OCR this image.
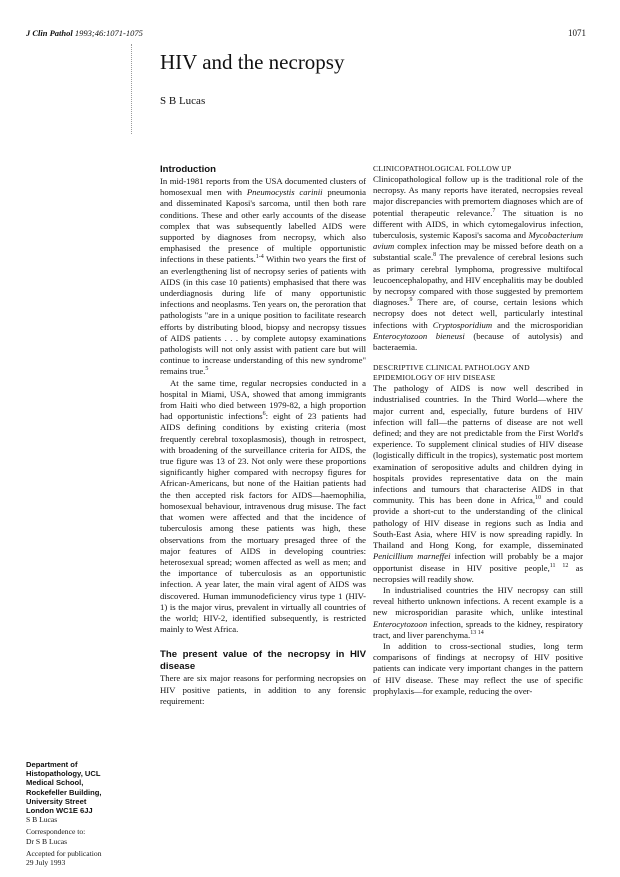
J Clin Pathol 1993;46:1071-1075	1071
HIV and the necropsy
S B Lucas
Introduction

In mid-1981 reports from the USA documented clusters of homosexual men with Pneumocystis carinii pneumonia and disseminated Kaposi's sarcoma, until then both rare conditions. These and other early accounts of the disease complex that was subsequently labelled AIDS were supported by diagnoses from necropsy, which also emphasised the presence of multiple opportunistic infections in these patients.$^{1-4}$ Within two years the first of an everlengthening list of necropsy series of patients with AIDS (in this case 10 patients) emphasised that there was underdiagnosis during life of many opportunistic infections and neoplasms. Ten years on, the peroration that pathologists "are in a unique position to facilitate research efforts by distributing blood, biopsy and necropsy tissues of AIDS patients . . . by complete autopsy examinations pathologists will not only assist with patient care but will continue to increase understanding of this new syndrome" remains true.$^5$

At the same time, regular necropsies conducted in a hospital in Miami, USA, showed that among immigrants from Haiti who died between 1979-82, a high proportion had opportunistic infections$^6$: eight of 23 patients had AIDS defining conditions by existing criteria (most frequently cerebral toxoplasmosis), though in retrospect, with broadening of the surveillance criteria for AIDS, the true figure was 13 of 23. Not only were these proportions significantly higher compared with necropsy figures for African-Americans, but none of the Haitian patients had the then accepted risk factors for AIDS—haemophilia, homosexual behaviour, intravenous drug misuse. The fact that women were affected and that the incidence of tuberculosis among these patients was high, these observations from the mortuary presaged three of the major features of AIDS in developing countries: heterosexual spread; women affected as well as men; and the importance of tuberculosis as an opportunistic infection. A year later, the main viral agent of AIDS was discovered. Human immunodeficiency virus type 1 (HIV-1) is the major virus, prevalent in virtually all countries of the world; HIV-2, identified subsequently, is restricted mainly to West Africa.

The present value of the necropsy in HIV disease

There are six major reasons for performing necropsies on HIV positive patients, in addition to any forensic requirement:

CLINICOPATHOLOGICAL FOLLOW UP

Clinicopathological follow up is the traditional role of the necropsy. As many reports have iterated, necropsies reveal major discrepancies with premortem diagnoses which are of potential therapeutic relevance.$^7$ The situation is no different with AIDS, in which cytomegalovirus infection, tuberculosis, systemic Kaposi's sacoma and Mycobacterium avium complex infection may be missed before death on a substantial scale.$^8$ The prevalence of cerebral lesions such as primary cerebral lymphoma, progressive multifocal leucoencephalopathy, and HIV encephalitis may be doubled by necropsy compared with those suggested by premortem diagnoses.$^9$ There are, of course, certain lesions which necropsy does not detect well, particularly intestinal infections with Cryptosporidium and the microsporidian Enterocytozoon bieneusi (because of autolysis) and bacteraemia.

DESCRIPTIVE CLINICAL PATHOLOGY AND
EPIDEMIOLOGY OF HIV DISEASE

The pathology of AIDS is now well described in industrialised countries. In the Third World—where the major current and, especially, future burdens of HIV infection will fall—the patterns of disease are not well defined; and they are not predictable from the First World's experience. To supplement clinical studies of HIV disease (logistically difficult in the tropics), systematic post mortem examination of seropositive adults and children dying in hospitals provides representative data on the main infections and tumours that characterise AIDS in that community. This has been done in Africa,$^{10}$ and could provide a short-cut to the understanding of the clinical pathology of HIV disease in regions such as India and South-East Asia, where HIV is now spreading rapidly. In Thailand and Hong Kong, for example, disseminated Penicillium marneffei infection will probably be a major opportunist disease in HIV positive people,$^{11 12}$ as necropsies will readily show.

In industrialised countries the HIV necropsy can still reveal hitherto unknown infections. A recent example is a new microsporidian parasite which, unlike intestinal Enterocytozoon infection, spreads to the kidney, respiratory tract, and liver parenchyma.$^{13 14}$

In addition to cross-sectional studies, long term comparisons of findings at necropsy of HIV positive patients can indicate very important changes in the pattern of HIV disease. These may reflect the use of specific prophylaxis—for example, reducing the over-

Department of
Histopathology, UCL
Medical School,
Rockefeller Building,
University Street
London WC1E 6JJ
S B Lucas
Correspondence to:
Dr S B Lucas
Accepted for publication
29 July 1993
